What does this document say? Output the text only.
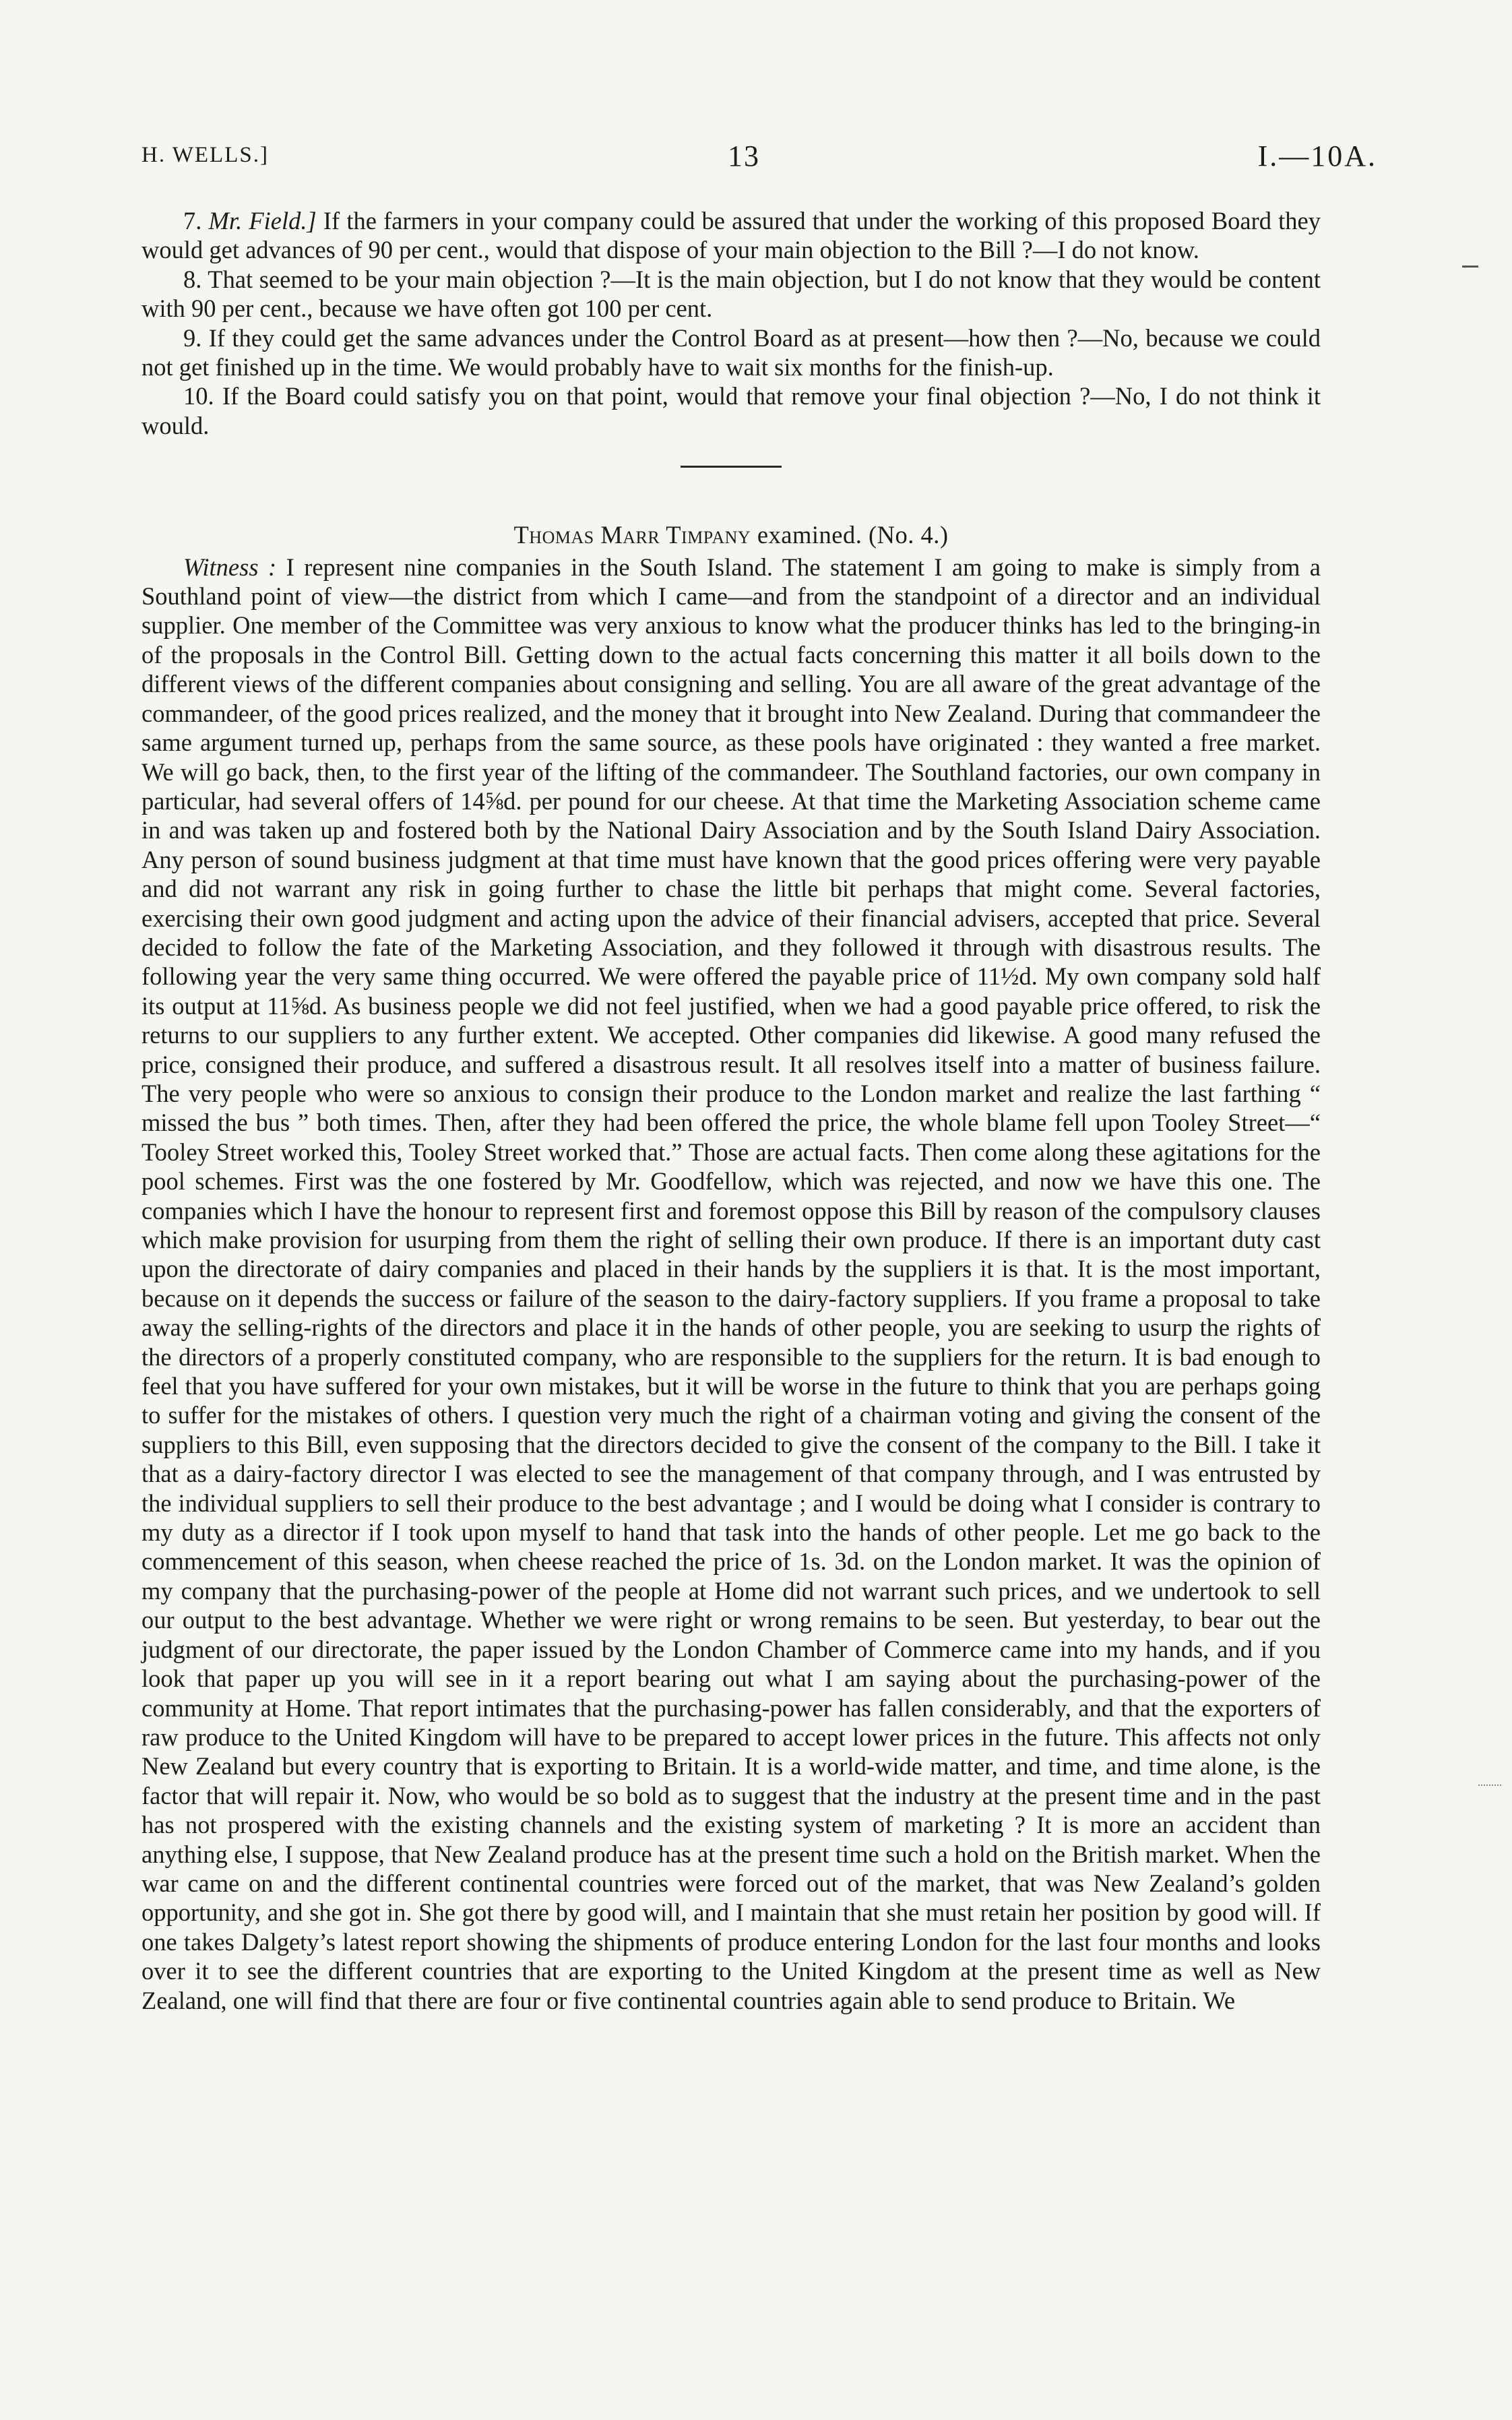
H. WELLS.]	13	I.—10A.

7. Mr. Field.] If the farmers in your company could be assured that under the working of this proposed Board they would get advances of 90 per cent., would that dispose of your main objection to the Bill ?—I do not know.

8. That seemed to be your main objection ?—It is the main objection, but I do not know that they would be content with 90 per cent., because we have often got 100 per cent.

9. If they could get the same advances under the Control Board as at present—how then ?—No, because we could not get finished up in the time. We would probably have to wait six months for the finish-up.

10. If the Board could satisfy you on that point, would that remove your final objection ?—No, I do not think it would.

Thomas Marr Timpany examined. (No. 4.)

Witness : I represent nine companies in the South Island. The statement I am going to make is simply from a Southland point of view—the district from which I came—and from the standpoint of a director and an individual supplier. One member of the Committee was very anxious to know what the producer thinks has led to the bringing-in of the proposals in the Control Bill. Getting down to the actual facts concerning this matter it all boils down to the different views of the different companies about consigning and selling. You are all aware of the great advantage of the commandeer, of the good prices realized, and the money that it brought into New Zealand. During that commandeer the same argument turned up, perhaps from the same source, as these pools have originated : they wanted a free market. We will go back, then, to the first year of the lifting of the commandeer. The Southland factories, our own company in particular, had several offers of 14⅝d. per pound for our cheese. At that time the Marketing Association scheme came in and was taken up and fostered both by the National Dairy Association and by the South Island Dairy Association. Any person of sound business judgment at that time must have known that the good prices offering were very payable and did not warrant any risk in going further to chase the little bit perhaps that might come. Several factories, exercising their own good judgment and acting upon the advice of their financial advisers, accepted that price. Several decided to follow the fate of the Marketing Association, and they followed it through with disastrous results. The following year the very same thing occurred. We were offered the payable price of 11½d. My own company sold half its output at 11⅝d. As business people we did not feel justified, when we had a good payable price offered, to risk the returns to our suppliers to any further extent. We accepted. Other companies did likewise. A good many refused the price, consigned their produce, and suffered a disastrous result. It all resolves itself into a matter of business failure. The very people who were so anxious to consign their produce to the London market and realize the last farthing “ missed the bus ” both times. Then, after they had been offered the price, the whole blame fell upon Tooley Street—“ Tooley Street worked this, Tooley Street worked that.” Those are actual facts. Then come along these agitations for the pool schemes. First was the one fostered by Mr. Goodfellow, which was rejected, and now we have this one. The companies which I have the honour to represent first and foremost oppose this Bill by reason of the compulsory clauses which make provision for usurping from them the right of selling their own produce. If there is an important duty cast upon the directorate of dairy companies and placed in their hands by the suppliers it is that. It is the most important, because on it depends the success or failure of the season to the dairy-factory suppliers. If you frame a proposal to take away the selling-rights of the directors and place it in the hands of other people, you are seeking to usurp the rights of the directors of a properly constituted company, who are responsible to the suppliers for the return. It is bad enough to feel that you have suffered for your own mistakes, but it will be worse in the future to think that you are perhaps going to suffer for the mistakes of others. I question very much the right of a chairman voting and giving the consent of the suppliers to this Bill, even supposing that the directors decided to give the consent of the company to the Bill. I take it that as a dairy-factory director I was elected to see the management of that company through, and I was entrusted by the individual suppliers to sell their produce to the best advantage ; and I would be doing what I consider is contrary to my duty as a director if I took upon myself to hand that task into the hands of other people. Let me go back to the commencement of this season, when cheese reached the price of 1s. 3d. on the London market. It was the opinion of my company that the purchasing-power of the people at Home did not warrant such prices, and we undertook to sell our output to the best advantage. Whether we were right or wrong remains to be seen. But yesterday, to bear out the judgment of our directorate, the paper issued by the London Chamber of Commerce came into my hands, and if you look that paper up you will see in it a report bearing out what I am saying about the purchasing-power of the community at Home. That report intimates that the purchasing-power has fallen considerably, and that the exporters of raw produce to the United Kingdom will have to be prepared to accept lower prices in the future. This affects not only New Zealand but every country that is exporting to Britain. It is a world-wide matter, and time, and time alone, is the factor that will repair it. Now, who would be so bold as to suggest that the industry at the present time and in the past has not prospered with the existing channels and the existing system of marketing ? It is more an accident than anything else, I suppose, that New Zealand produce has at the present time such a hold on the British market. When the war came on and the different continental countries were forced out of the market, that was New Zealand’s golden opportunity, and she got in. She got there by good will, and I maintain that she must retain her position by good will. If one takes Dalgety’s latest report showing the shipments of produce entering London for the last four months and looks over it to see the different countries that are exporting to the United Kingdom at the present time as well as New Zealand, one will find that there are four or five continental countries again able to send produce to Britain. We
